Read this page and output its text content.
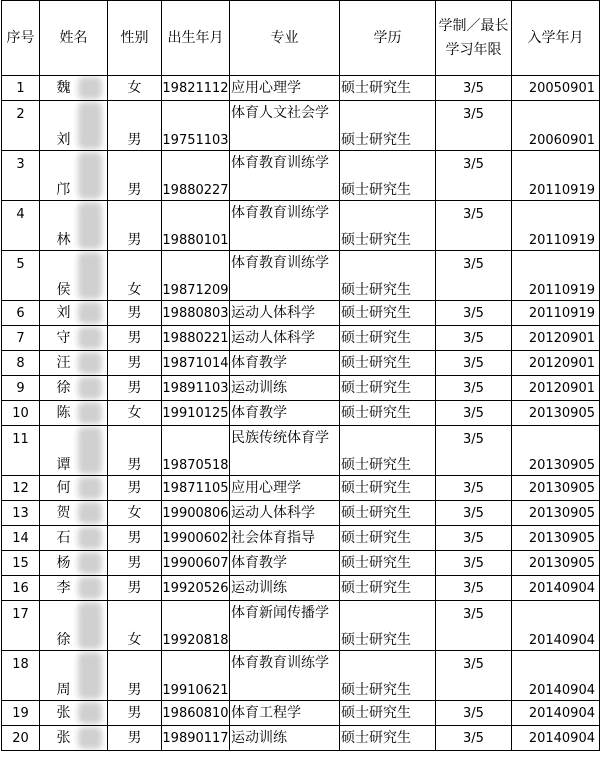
序号	姓名	性别	出生年月	专业	学历	学制／最长学习年限	入学年月
1	魏	女	19821112	应用心理学	硕士研究生	3/5	20050901
2	刘	男	19751103	体育人文社会学	硕士研究生	3/5	20060901
3	邝	男	19880227	体育教育训练学	硕士研究生	3/5	20110919
4	林	男	19880101	体育教育训练学	硕士研究生	3/5	20110919
5	侯	女	19871209	体育教育训练学	硕士研究生	3/5	20110919
6	刘	男	19880803	运动人体科学	硕士研究生	3/5	20110919
7	守	男	19880221	运动人体科学	硕士研究生	3/5	20120901
8	汪	男	19871014	体育教学	硕士研究生	3/5	20120901
9	徐	男	19891103	运动训练	硕士研究生	3/5	20120901
10	陈	女	19910125	体育教学	硕士研究生	3/5	20130905
11	谭	男	19870518	民族传统体育学	硕士研究生	3/5	20130905
12	何	男	19871105	应用心理学	硕士研究生	3/5	20130905
13	贺	女	19900806	运动人体科学	硕士研究生	3/5	20130905
14	石	男	19900602	社会体育指导	硕士研究生	3/5	20130905
15	杨	男	19900607	体育教学	硕士研究生	3/5	20130905
16	李	男	19920526	运动训练	硕士研究生	3/5	20140904
17	徐	女	19920818	体育新闻传播学	硕士研究生	3/5	20140904
18	周	男	19910621	体育教育训练学	硕士研究生	3/5	20140904
19	张	男	19860810	体育工程学	硕士研究生	3/5	20140904
20	张	男	19890117	运动训练	硕士研究生	3/5	20140904
